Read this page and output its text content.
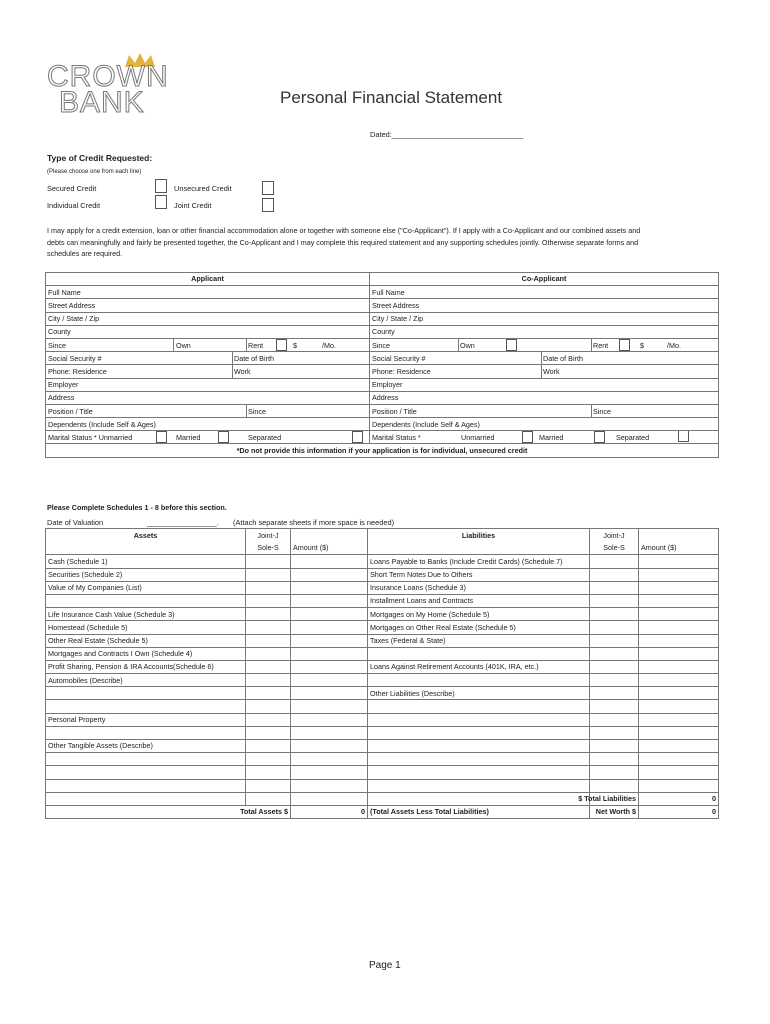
CROWN
BANK	Personal Financial Statement
Dated:________________________________
Type of Credit Requested:
(Please choose one from each line)
Secured Credit	Unsecured Credit
Individual Credit	Joint Credit
I may apply for a credit extension, loan or other financial accommodation alone or together with someone else ("Co-Applicant"). If I apply with a Co-Applicant and our combined assets and
debts can meaningfully and fairly be presented together, the Co-Applicant and I may complete this required statement and any supporting schedules jointly. Otherwise separate forms and
schedules are required.
Applicant	Co-Applicant
Full Name	Full Name
Street Address	Street Address
City / State / Zip	City / State / Zip
County	County

Since Own Rent $ /Mo.	Since Own Rent $ /Mo.

Social Security # Date of Birth	Social Security # Date of Birth

Phone: Residence Work	Phone: Residence Work

Employer	Employer
Address	Address

Position / Title Since	Position / Title Since

Dependents (Include Self & Ages)	Dependents (Include Self & Ages)

Marital Status * Unmarried Married Separated	Marital Status * Unmarried Married Separated

*Do not provide this information if your application is for individual, unsecured credit	
Please Complete Schedules 1 - 8 before this section.
Date of Valuation	_________________. (Attach separate sheets if more space is needed)
Assets	Joint-J		Liabilities	Joint-J	
	Sole-S	Amount ($)		Sole-S	Amount ($)
Cash (Schedule 1)			Loans Payable to Banks (Include Credit Cards) (Schedule 7)		
Securities (Schedule 2)			Short Term Notes Due to Others		
Value of My Companies (List)			Insurance Loans (Schedule 3)		
			Installment Loans and Contracts		
Life Insurance Cash Value (Schedule 3)			Mortgages on My Home (Schedule 5)		
Homestead (Schedule 5)			Mortgages on Other Real Estate (Schedule 5)		
Other Real Estate (Schedule 5)			Taxes (Federal & State)		
Mortgages and Contracts I Own (Schedule 4)					
Profit Sharing, Pension & IRA Accounts(Schedule 6)			Loans Against Retirement Accounts (401K, IRA, etc.)		
Automobiles (Describe)					
			Other Liabilities (Describe)		

Personal Property					

Other Tangible Assets (Describe)					

				Total Liabilities $	0
Total Assets $		0	(Total Assets Less Total Liabilities)	Net Worth $	0
Page 1
